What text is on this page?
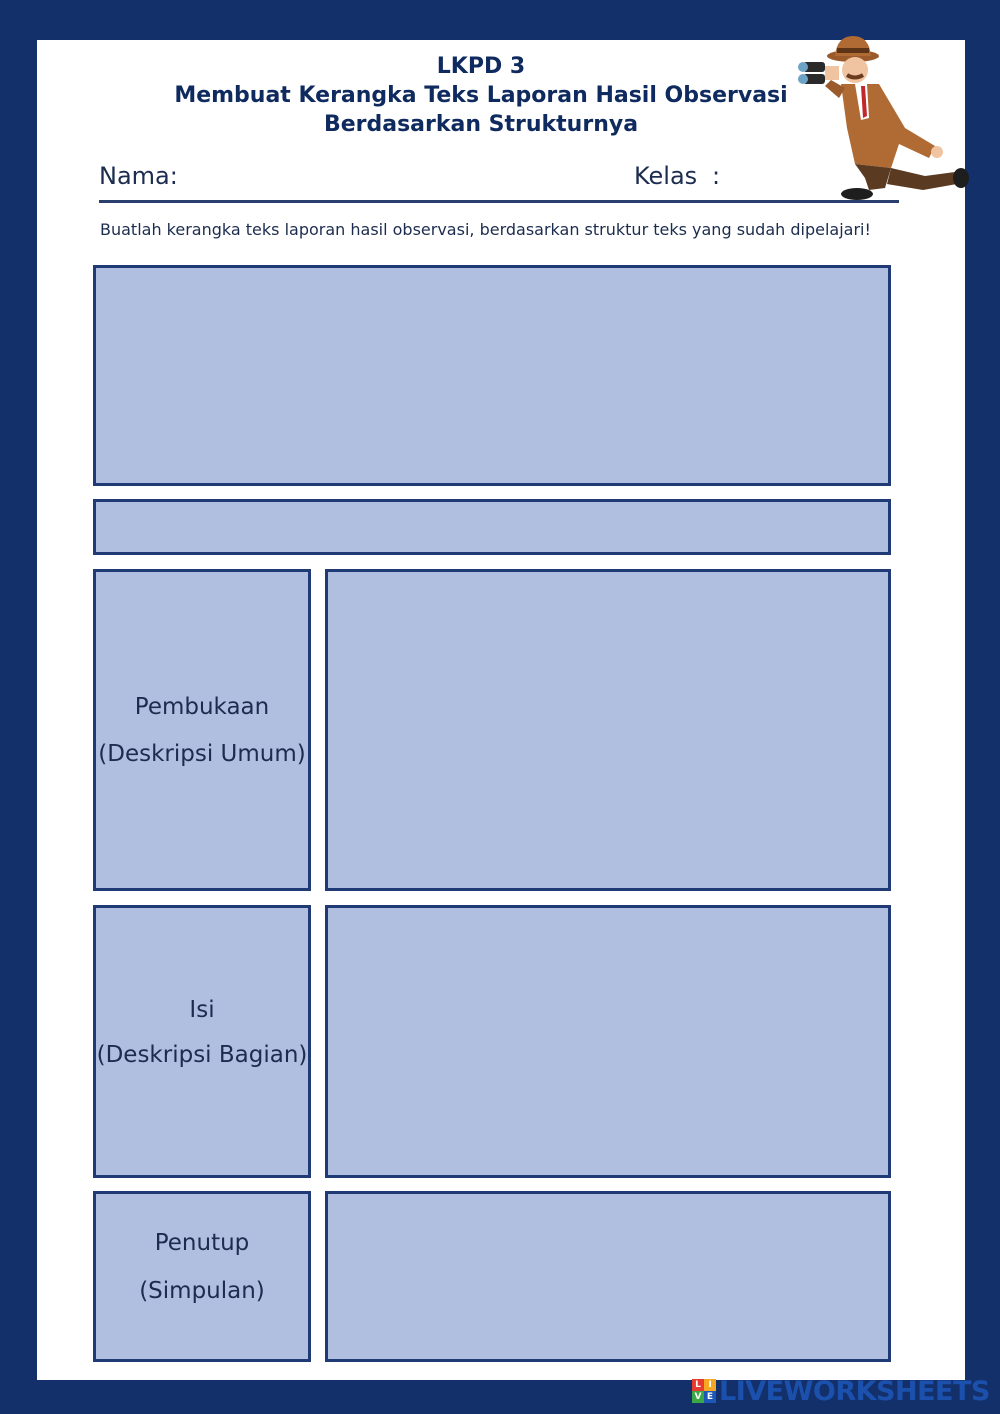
LKPD 3
Membuat Kerangka Teks Laporan Hasil Observasi
Berdasarkan Strukturnya
Nama:	Kelas :
Buatlah kerangka teks laporan hasil observasi, berdasarkan struktur teks yang sudah dipelajari!
Pembukaan
(Deskripsi Umum)
Isi
(Deskripsi Bagian)
Penutup
(Simpulan)
L I
V E LIVEWORKSHEETS
